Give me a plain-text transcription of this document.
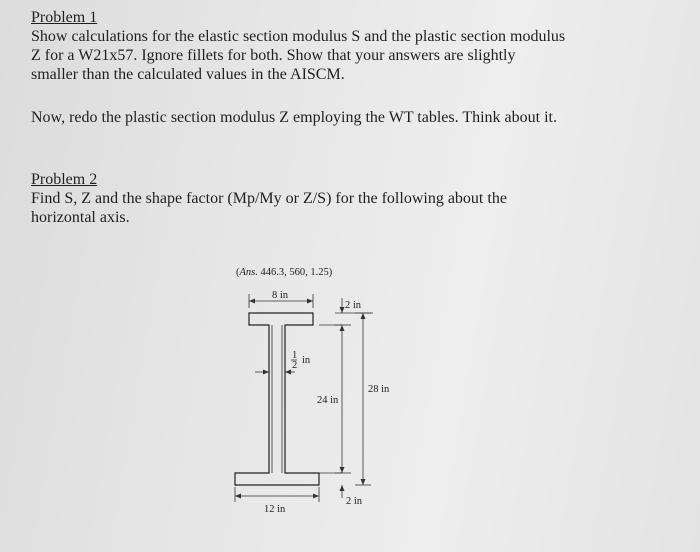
Problem 1
Show calculations for the elastic section modulus S and the plastic section modulus
Z for a W21x57. Ignore fillets for both. Show that your answers are slightly
smaller than the calculated values in the AISCM.
Now, redo the plastic section modulus Z employing the WT tables. Think about it.
Problem 2
Find S, Z and the shape factor (Mp/My or Z/S) for the following about the
horizontal axis.
(Ans. 446.3, 560, 1.25)
8 in
1
2 in
24 in
2 in
28 in
2 in
12 in
